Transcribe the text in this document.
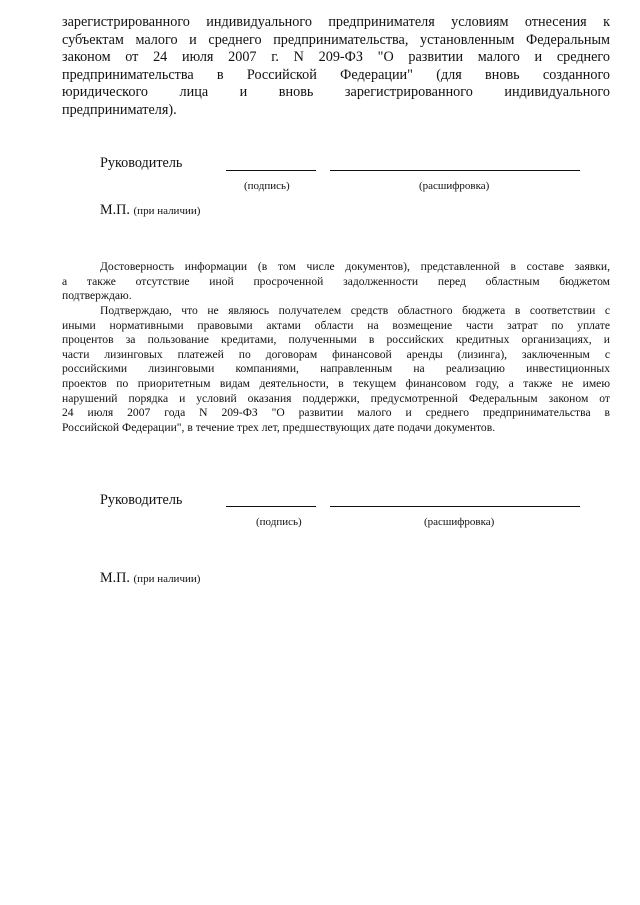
зарегистрированного индивидуального предпринимателя условиям отнесения к
субъектам малого и среднего предпринимательства, установленным Федеральным
законом от 24 июля 2007 г. N 209-ФЗ "О развитии малого и среднего
предпринимательства в Российской Федерации" (для вновь созданного
юридического лица и вновь зарегистрированного индивидуального
предпринимателя).
Руководитель
(подпись)	(расшифровка)
М.П. (при наличии)
Достоверность информации (в том числе документов), представленной в составе заявки,
а также отсутствие иной просроченной задолженности перед областным бюджетом
подтверждаю.
Подтверждаю, что не являюсь получателем средств областного бюджета в соответствии с
иными нормативными правовыми актами области на возмещение части затрат по уплате
процентов за пользование кредитами, полученными в российских кредитных организациях, и
части лизинговых платежей по договорам финансовой аренды (лизинга), заключенным с
российскими лизинговыми компаниями, направленным на реализацию инвестиционных
проектов по приоритетным видам деятельности, в текущем финансовом году, а также не имею
нарушений порядка и условий оказания поддержки, предусмотренной Федеральным законом от
24 июля 2007 года N 209-ФЗ "О развитии малого и среднего предпринимательства в
Российской Федерации", в течение трех лет, предшествующих дате подачи документов.
Руководитель
(подпись)	(расшифровка)
М.П. (при наличии)
